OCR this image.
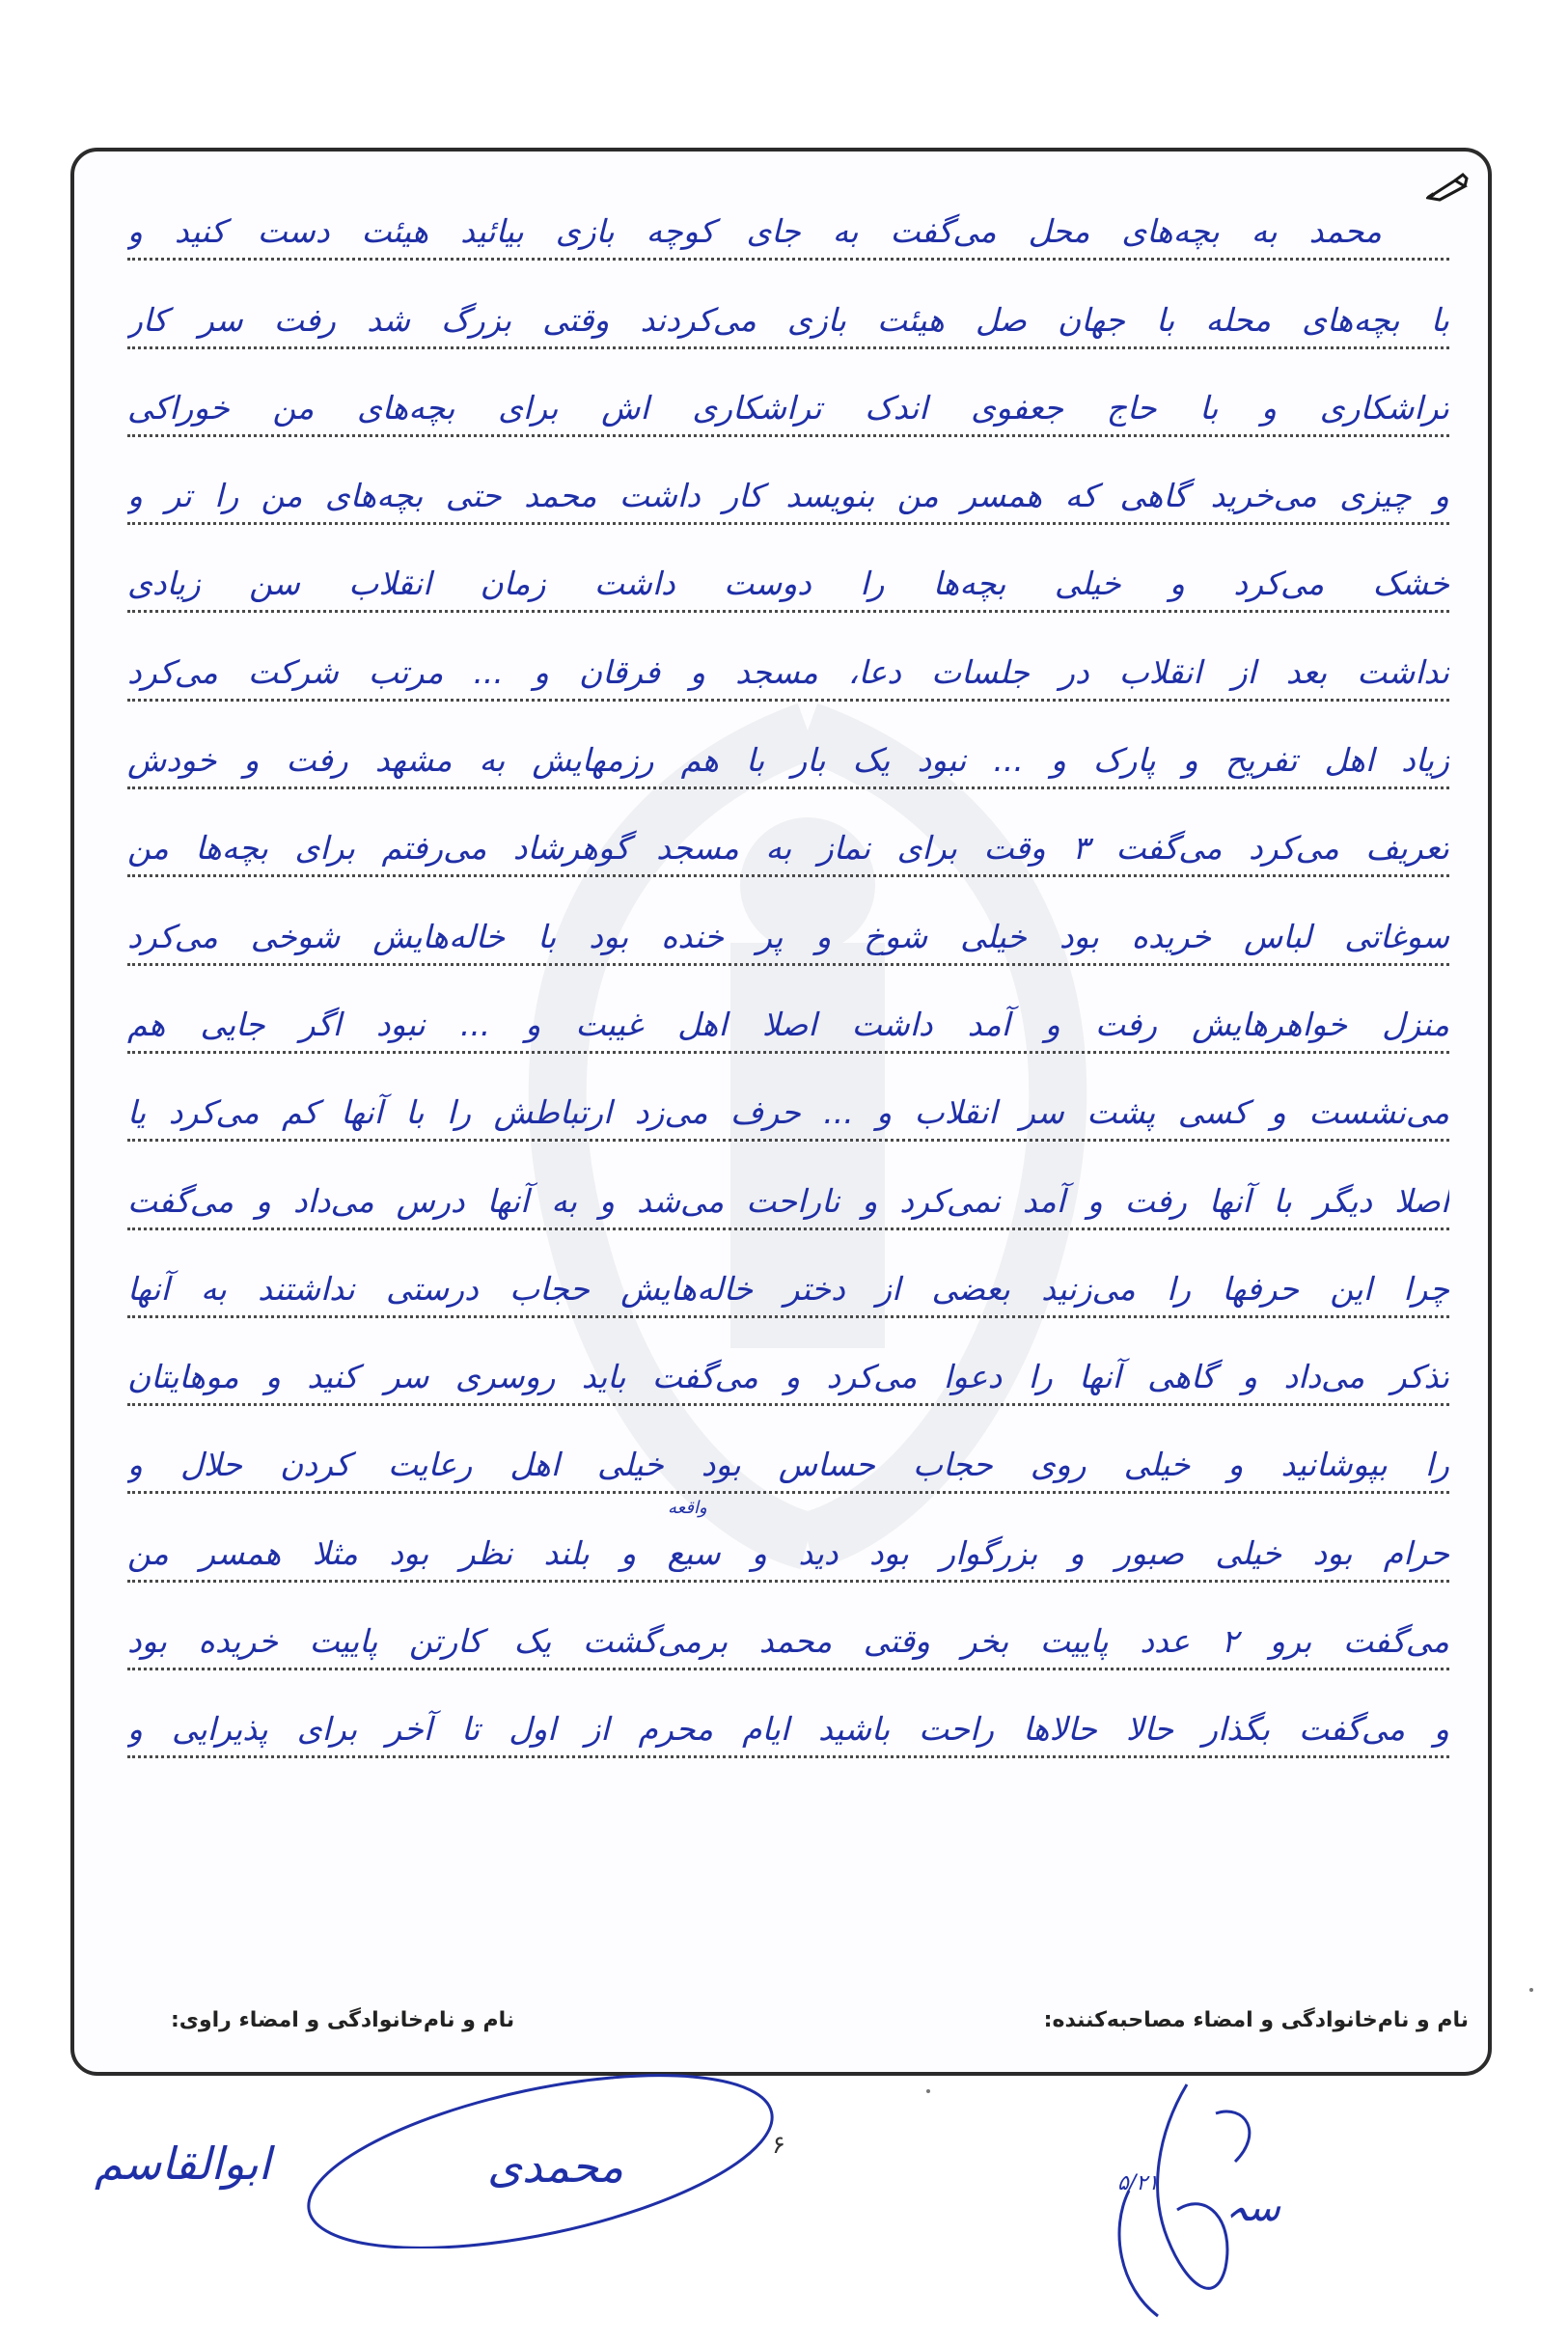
محمد به بچه‌های محل می‌گفت به جای کوچه بازی بیائید هیئت دست کنید و
با بچه‌های محله با جهان صل هیئت بازی می‌کردند وقتی بزرگ شد رفت سر کار
تراشکاری و با حاج جعفوی اندک تراشکاری اش برای بچه‌های من خوراکی
و چیزی می‌خرید گاهی که همسر من بنویسد کار داشت محمد حتی بچه‌های من را تر و
خشک می‌کرد و خیلی بچه‌ها را دوست داشت زمان انقلاب سن زیادی
نداشت بعد از انقلاب در جلسات دعا، مسجد و فرقان و ... مرتب شرکت می‌کرد
زیاد اهل تفریح و پارک و ... نبود یک بار با هم رزمهایش به مشهد رفت و خودش
تعریف می‌کرد می‌گفت ۳ وقت برای نماز به مسجد گوهرشاد می‌رفتم برای بچه‌ها من
سوغاتی لباس خریده بود خیلی شوخ و پر خنده بود با خاله‌هایش شوخی می‌کرد
منزل خواهرهایش رفت و آمد داشت اصلا اهل غیبت و ... نبود اگر جایی هم
می‌نشست و کسی پشت سر انقلاب و ... حرف می‌زد ارتباطش را با آنها کم می‌کرد یا
اصلا دیگر با آنها رفت و آمد نمی‌کرد و ناراحت می‌شد و به آنها درس می‌داد و می‌گفت
چرا این حرفها را می‌زنید بعضی از دختر خاله‌هایش حجاب درستی نداشتند به آنها
تذکر می‌داد و گاهی آنها را دعوا می‌کرد و می‌گفت باید روسری سر کنید و موهایتان
را بپوشانید و خیلی روی حجاب حساس بود خیلی اهل رعایت کردن حلال و
حرام بود خیلی صبور و بزرگوار بود دید و سیع و بلند نظر بود مثلا همسر من
واقعه
می‌گفت برو ۲ عدد پاییت بخر وقتی محمد برمی‌گشت یک کارتن پاییت خریده بود
و می‌گفت بگذار حالا حالاها راحت باشید ایام محرم از اول تا آخر برای پذیرایی و
نام و نام‌خانوادگی و امضاء مصاحبه‌کننده:
نام و نام‌خانوادگی و امضاء راوی:
۶
ابوالقاسم	محمدی	۵/۲۱
سہ
